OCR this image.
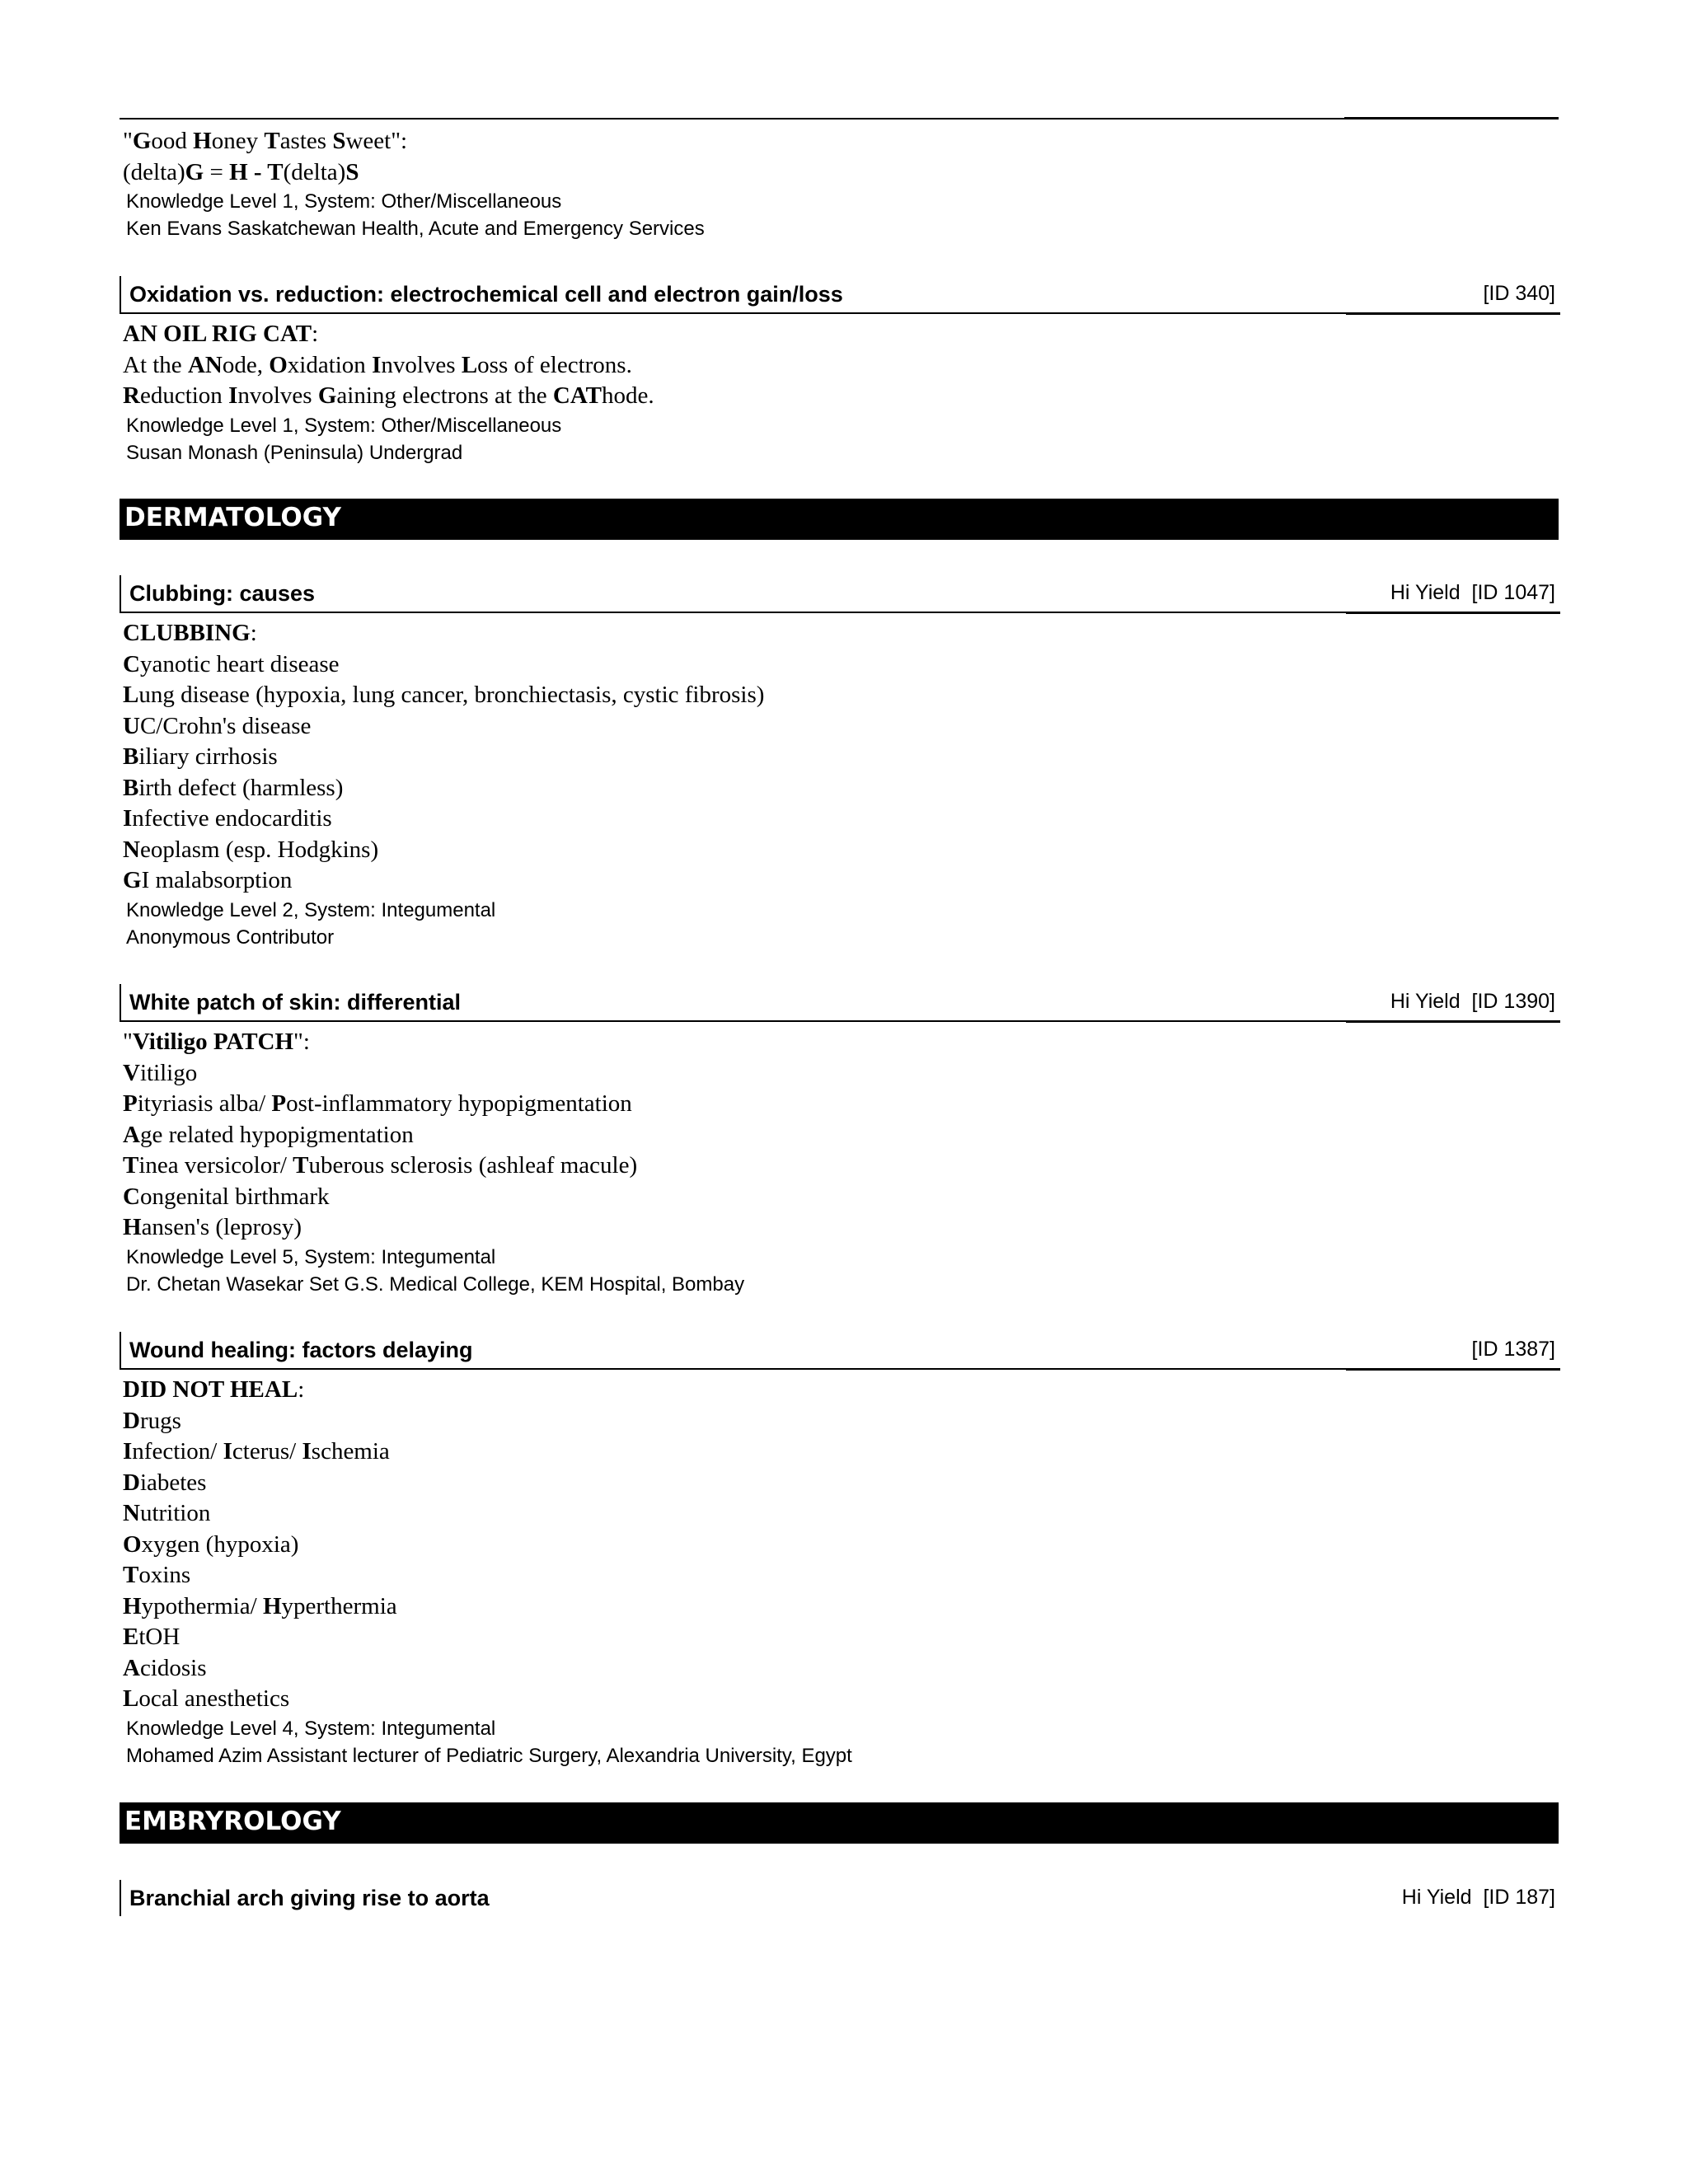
"Good Honey Tastes Sweet":
(delta)G = H - T(delta)S
Knowledge Level 1, System: Other/Miscellaneous
Ken Evans Saskatchewan Health, Acute and Emergency Services
Oxidation vs. reduction: electrochemical cell and electron gain/loss	[ID 340]
AN OIL RIG CAT:
At the ANode, Oxidation Involves Loss of electrons.
Reduction Involves Gaining electrons at the CAThode.
Knowledge Level 1, System: Other/Miscellaneous
Susan Monash (Peninsula) Undergrad
DERMATOLOGY
Clubbing: causes	Hi Yield  [ID 1047]
CLUBBING:
Cyanotic heart disease
Lung disease (hypoxia, lung cancer, bronchiectasis, cystic fibrosis)
UC/Crohn's disease
Biliary cirrhosis
Birth defect (harmless)
Infective endocarditis
Neoplasm (esp. Hodgkins)
GI malabsorption
Knowledge Level 2, System: Integumental
Anonymous Contributor
White patch of skin: differential	Hi Yield  [ID 1390]
"Vitiligo PATCH":
Vitiligo
Pityriasis alba/ Post-inflammatory hypopigmentation
Age related hypopigmentation
Tinea versicolor/ Tuberous sclerosis (ashleaf macule)
Congenital birthmark
Hansen's (leprosy)
Knowledge Level 5, System: Integumental
Dr. Chetan Wasekar Set G.S. Medical College, KEM Hospital, Bombay
Wound healing: factors delaying	[ID 1387]
DID NOT HEAL:
Drugs
Infection/ Icterus/ Ischemia
Diabetes
Nutrition
Oxygen (hypoxia)
Toxins
Hypothermia/ Hyperthermia
EtOH
Acidosis
Local anesthetics
Knowledge Level 4, System: Integumental
Mohamed Azim Assistant lecturer of Pediatric Surgery, Alexandria University, Egypt
EMBRYROLOGY
Branchial arch giving rise to aorta	Hi Yield  [ID 187]
